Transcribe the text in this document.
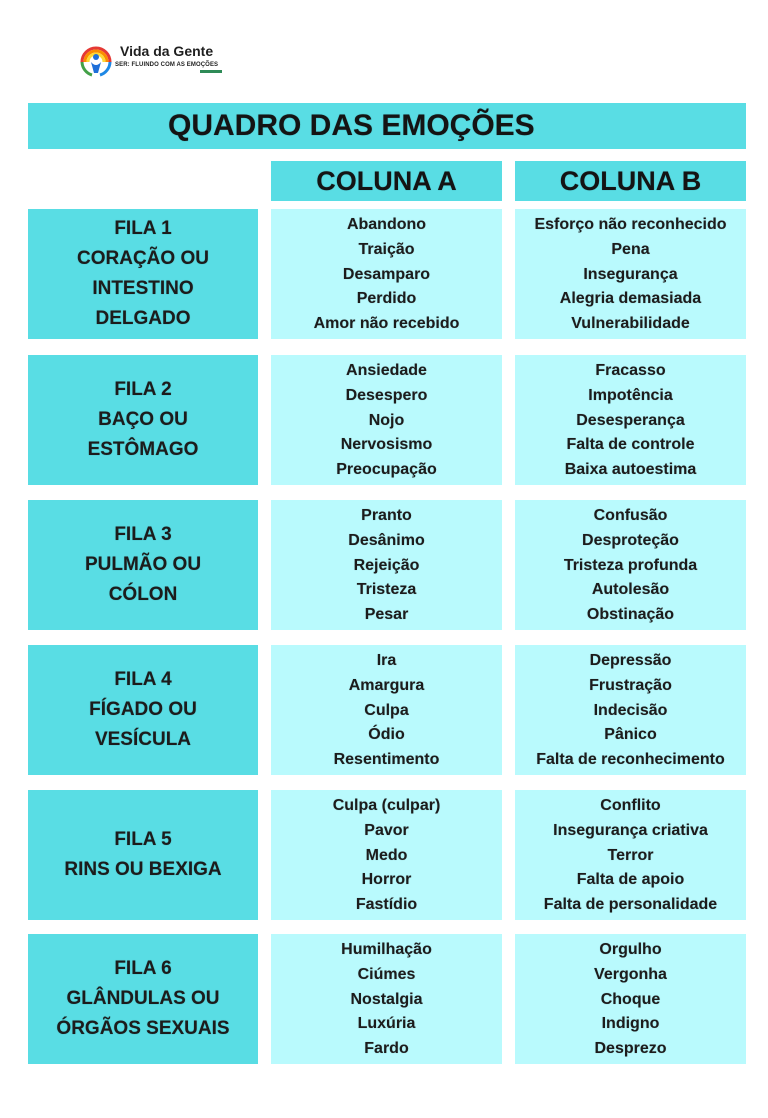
Vida da Gente
SER: FLUINDO COM AS EMOÇÕES
QUADRO DAS EMOÇÕES
COLUNA A	COLUNA B
FILA 1
CORAÇÃO OU
INTESTINO
DELGADO
Abandono
Traição
Desamparo
Perdido
Amor não recebido
Esforço não reconhecido
Pena
Insegurança
Alegria demasiada
Vulnerabilidade
FILA 2
BAÇO OU
ESTÔMAGO
Ansiedade
Desespero
Nojo
Nervosismo
Preocupação
Fracasso
Impotência
Desesperança
Falta de controle
Baixa autoestima
FILA 3
PULMÃO OU
CÓLON
Pranto
Desânimo
Rejeição
Tristeza
Pesar
Confusão
Desproteção
Tristeza profunda
Autolesão
Obstinação
FILA 4
FÍGADO OU
VESÍCULA
Ira
Amargura
Culpa
Ódio
Resentimento
Depressão
Frustração
Indecisão
Pânico
Falta de reconhecimento
FILA 5
RINS OU BEXIGA
Culpa (culpar)
Pavor
Medo
Horror
Fastídio
Conflito
Insegurança criativa
Terror
Falta de apoio
Falta de personalidade
FILA 6
GLÂNDULAS OU
ÓRGÃOS SEXUAIS
Humilhação
Ciúmes
Nostalgia
Luxúria
Fardo
Orgulho
Vergonha
Choque
Indigno
Desprezo
